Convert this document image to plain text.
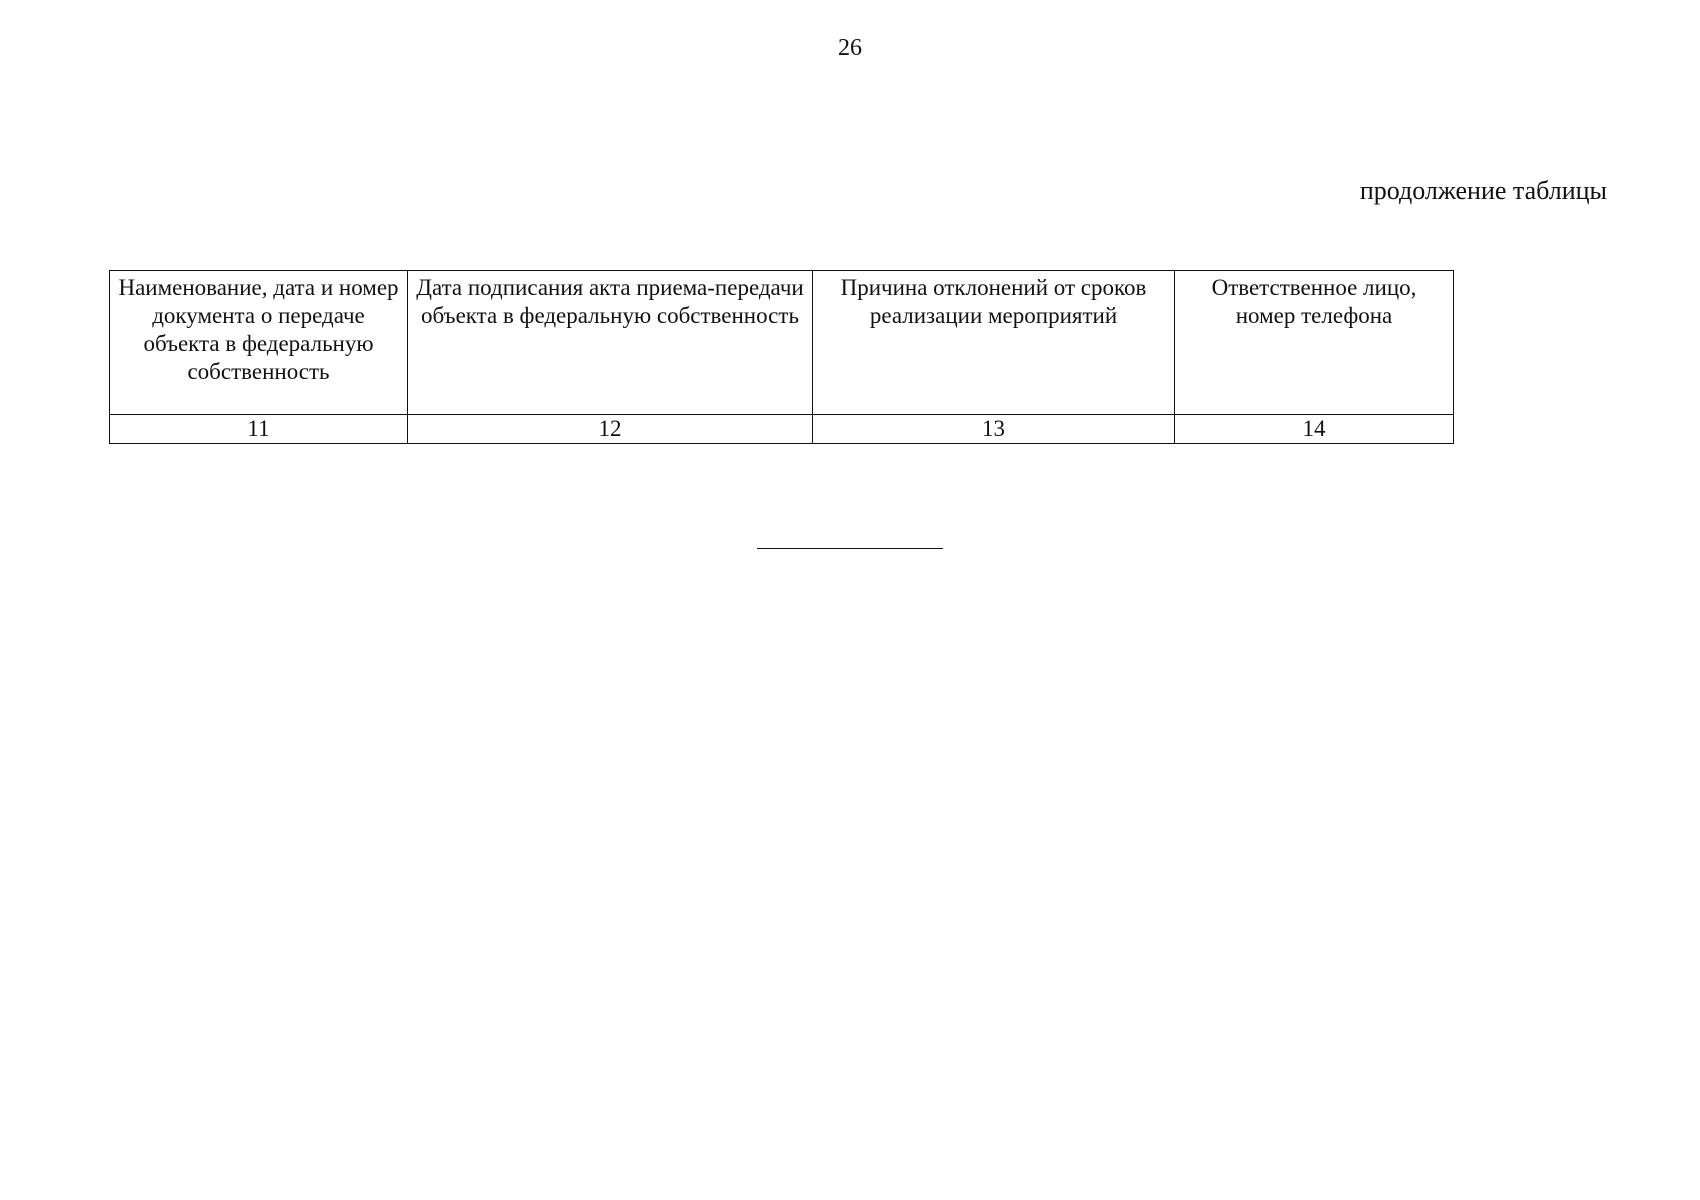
26
продолжение таблицы
Наименование, дата и номер документа о передаче объекта в федеральную собственность	Дата подписания акта приема-передачи объекта в федеральную собственность	Причина отклонений от сроков реализации мероприятий	Ответственное лицо, номер телефона
11	12	13	14
